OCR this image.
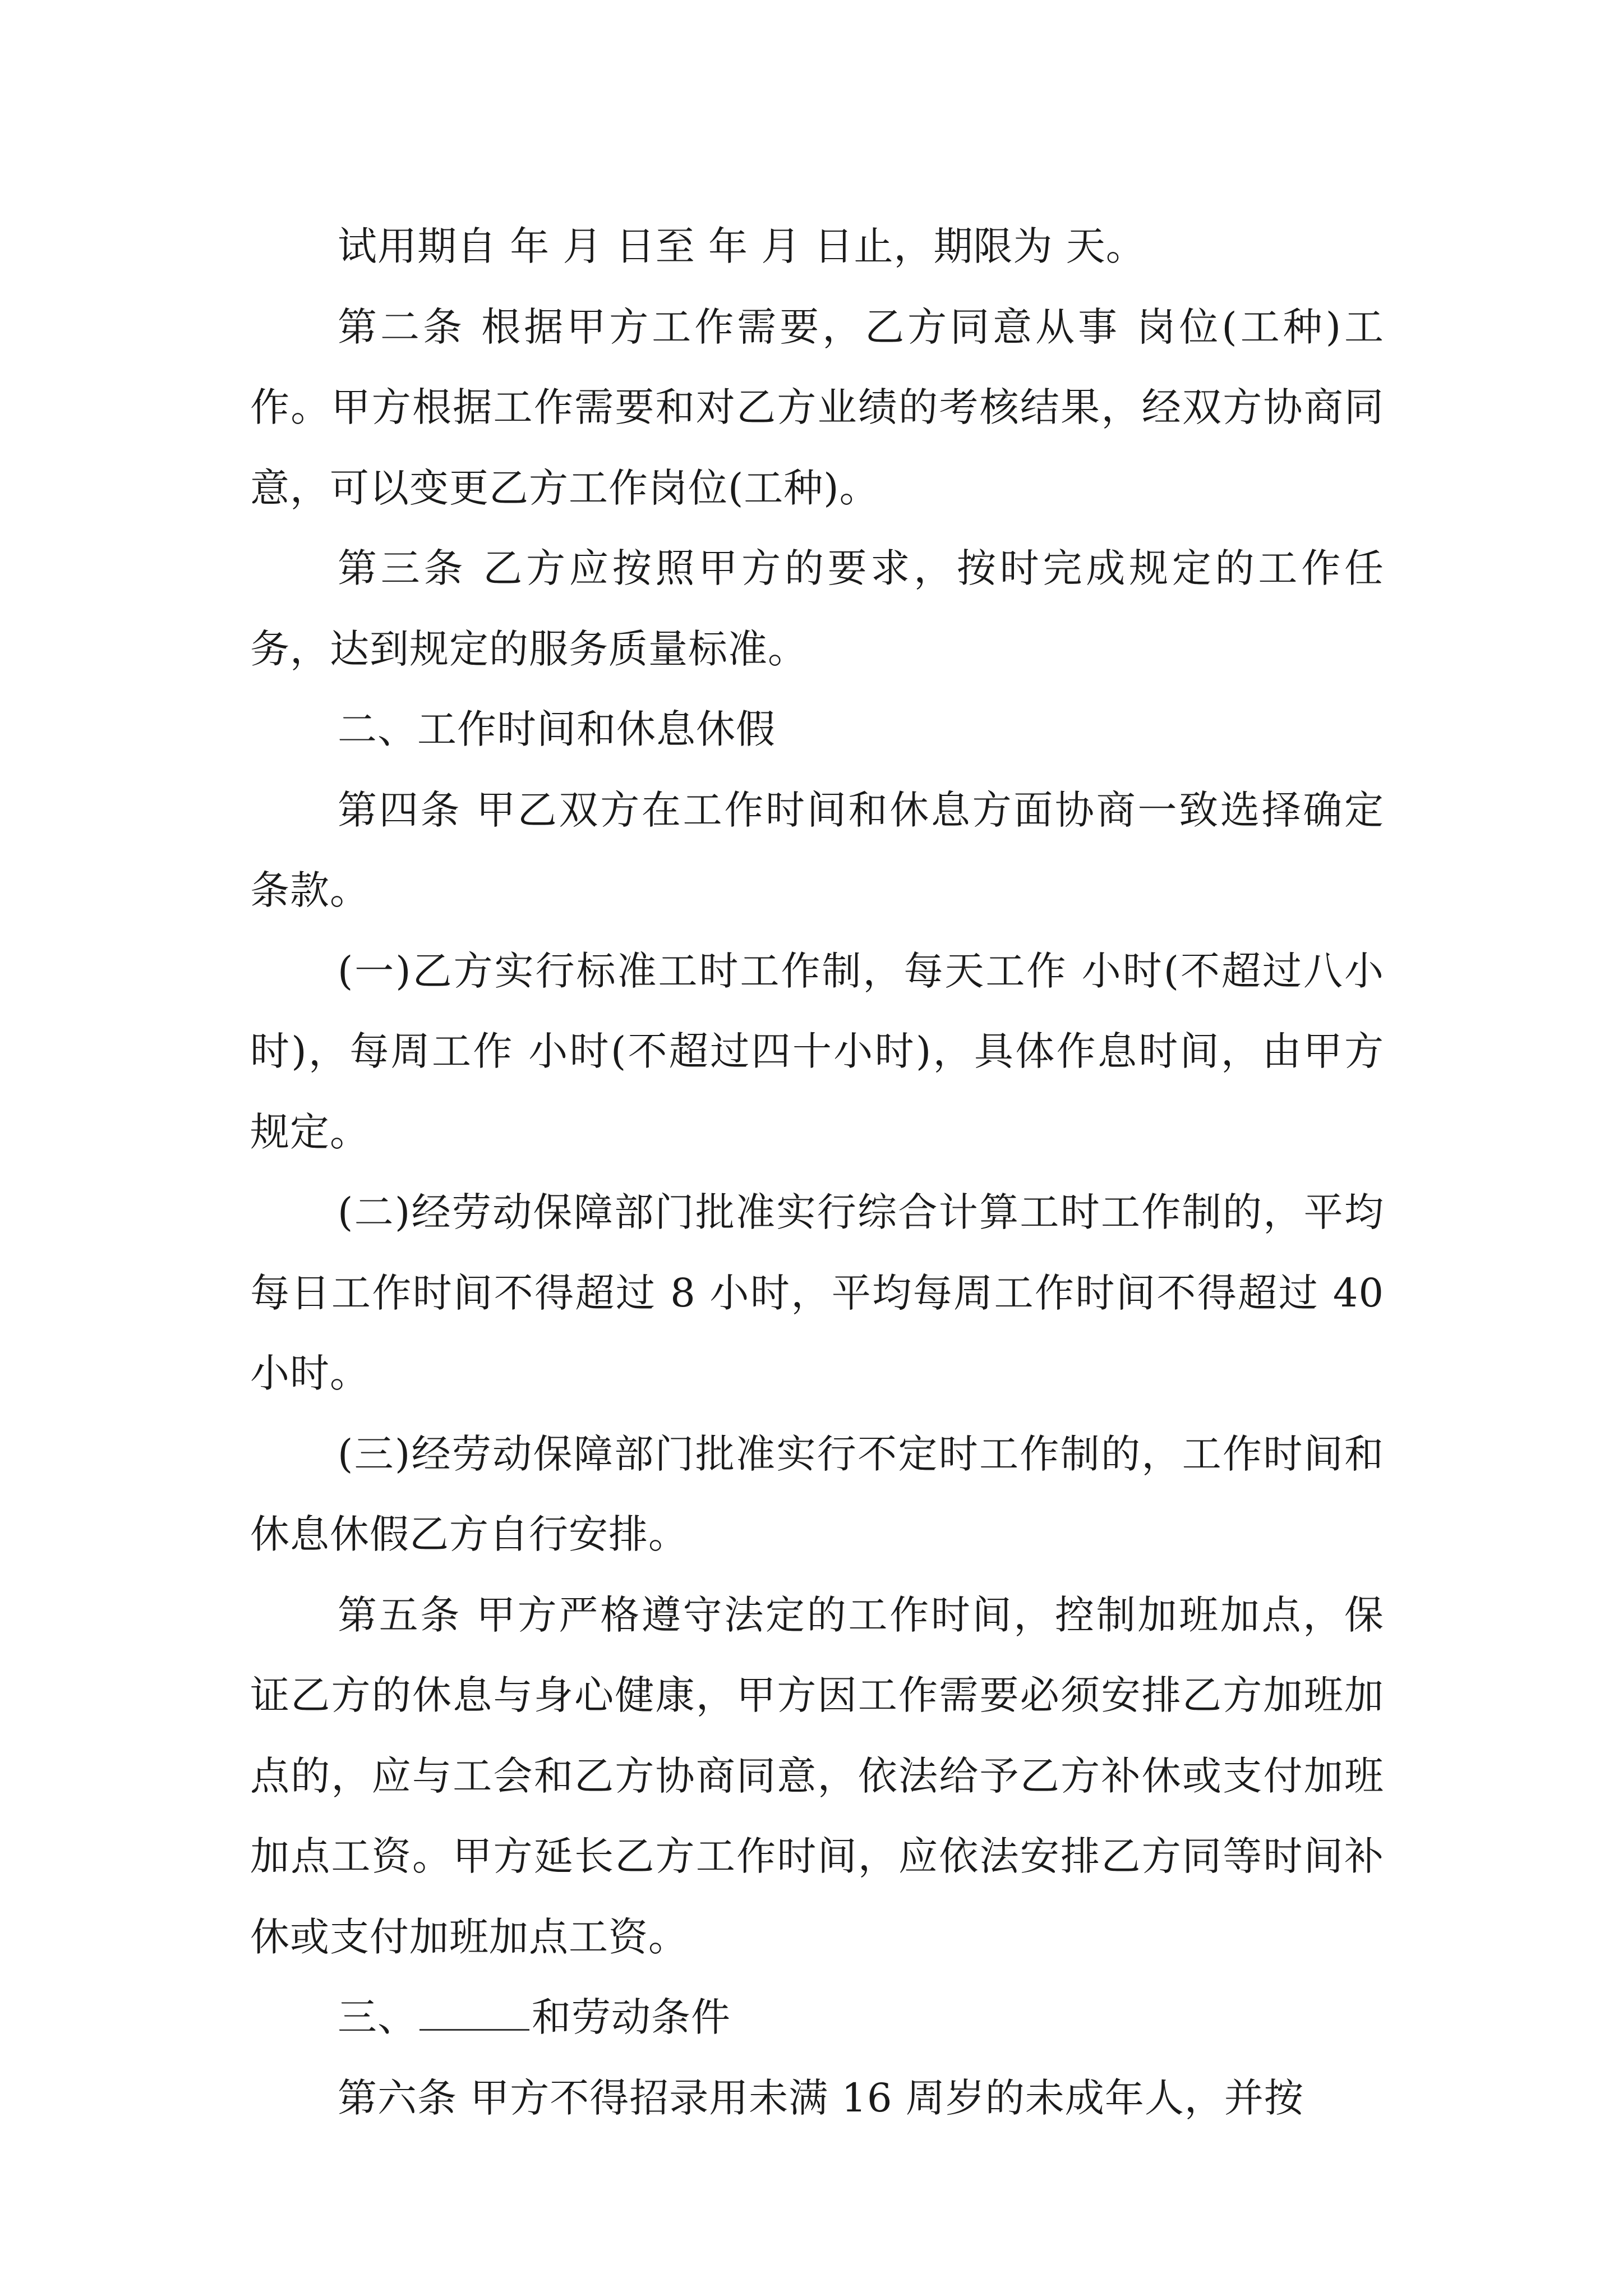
试用期自 年 月 日至 年 月 日止，期限为 天。

第二条 根据甲方工作需要，乙方同意从事 岗位(工种)工作。甲方根据工作需要和对乙方业绩的考核结果，经双方协商同意，可以变更乙方工作岗位(工种)。

第三条 乙方应按照甲方的要求，按时完成规定的工作任务，达到规定的服务质量标准。

二、工作时间和休息休假

第四条 甲乙双方在工作时间和休息方面协商一致选择确定 条款。

(一)乙方实行标准工时工作制，每天工作 小时(不超过八小时)，每周工作 小时(不超过四十小时)，具体作息时间，由甲方规定。

(二)经劳动保障部门批准实行综合计算工时工作制的，平均每日工作时间不得超过 8 小时，平均每周工作时间不得超过 40 小时。

(三)经劳动保障部门批准实行不定时工作制的，工作时间和休息休假乙方自行安排。

第五条 甲方严格遵守法定的工作时间，控制加班加点，保证乙方的休息与身心健康，甲方因工作需要必须安排乙方加班加点的，应与工会和乙方协商同意，依法给予乙方补休或支付加班加点工资。甲方延长乙方工作时间，应依法安排乙方同等时间补休或支付加班加点工资。

三、	和劳动条件

第六条 甲方不得招录用未满 16 周岁的未成年人，并按
